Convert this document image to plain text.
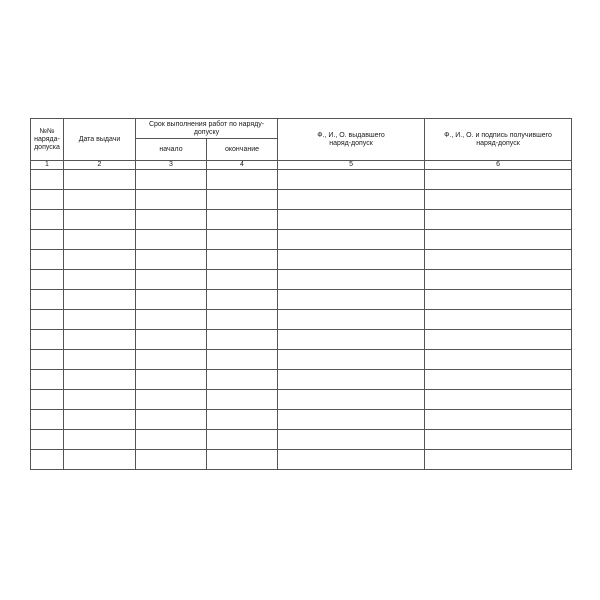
№№ наряда-допуска	Дата выдачи	Срок выполнения работ по наряду-допуску		Ф., И., О. выдавшего наряд-допуск	Ф., И., О. и подпись получившего наряд-допуск
		начало	окончание		
1	2	3	4	5	6
